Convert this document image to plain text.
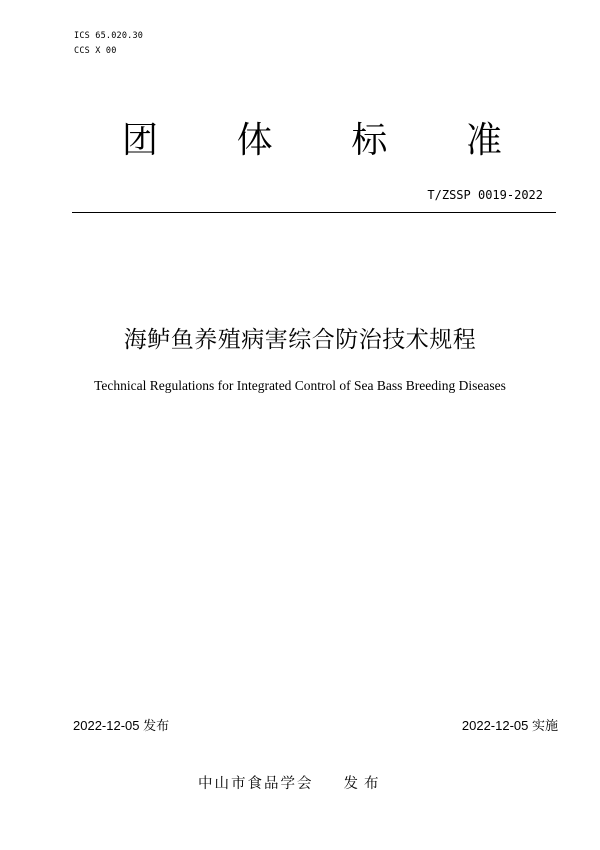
ICS 65.020.30
CCS X 00
团 体 标 准
T/ZSSP 0019-2022
海鲈鱼养殖病害综合防治技术规程
Technical Regulations for Integrated Control of Sea Bass Breeding Diseases
2022-12-05 发布	2022-12-05 实施
中山市食品学会 发布
